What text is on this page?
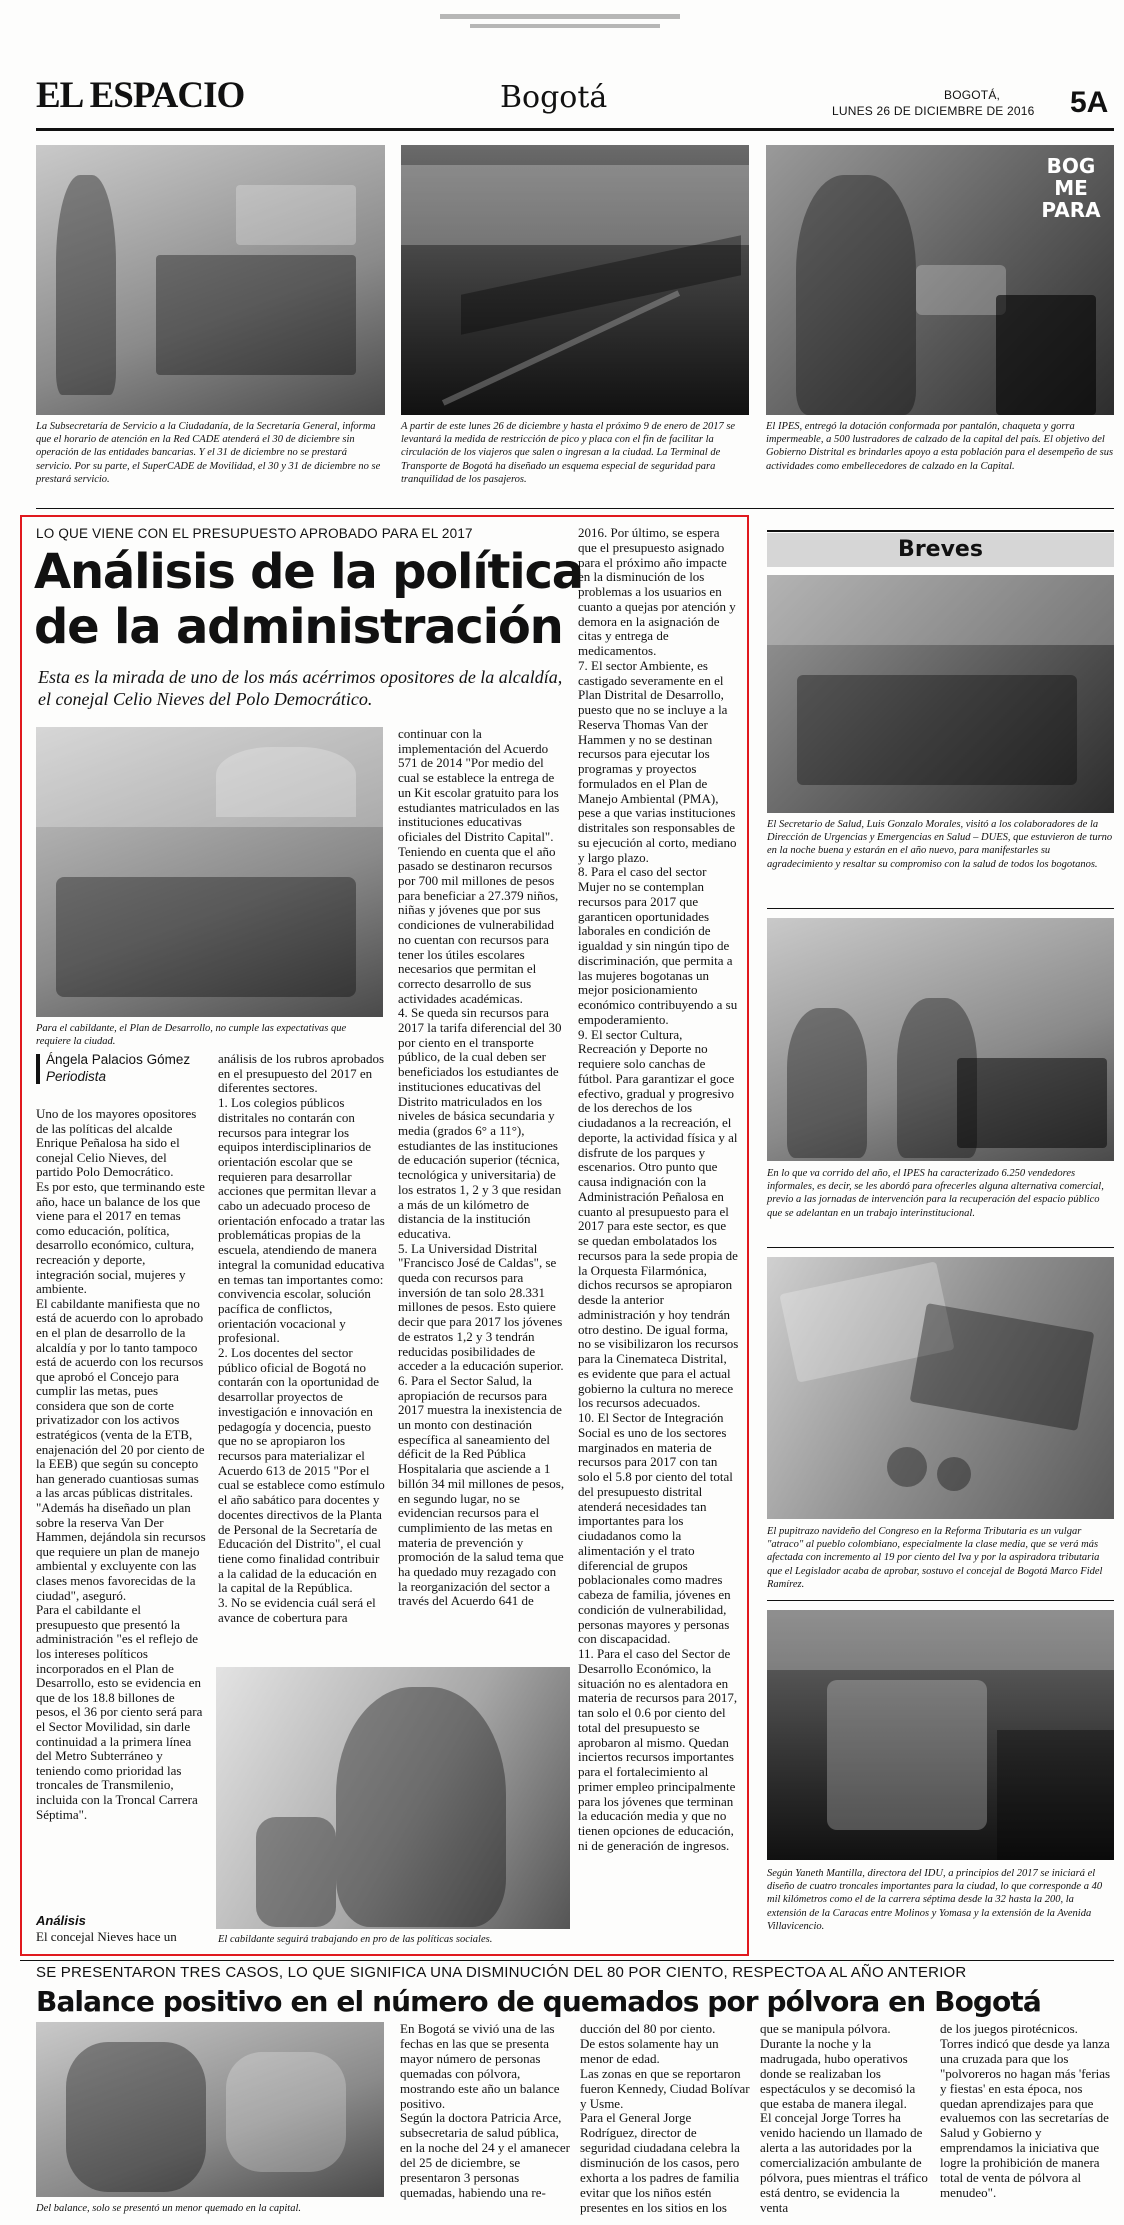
EL ESPACIO	Bogotá	BOGOTÁ,
LUNES 26 DE DICIEMBRE DE 2016 5A
La Subsecretaría de Servicio a la Ciudadanía, de la Secretaría General, informa que el horario de atención en la Red CADE atenderá el 30 de diciembre sin operación de las entidades bancarias. Y el 31 de diciembre no se prestará servicio. Por su parte, el SuperCADE de Movilidad, el 30 y 31 de diciembre no se prestará servicio.
A partir de este lunes 26 de diciembre y hasta el próximo 9 de enero de 2017 se levantará la medida de restricción de pico y placa con el fin de facilitar la circulación de los viajeros que salen o ingresan a la ciudad. La Terminal de Transporte de Bogotá ha diseñado un esquema especial de seguridad para tranquilidad de los pasajeros.
BOG ME PARA
El IPES, entregó la dotación conformada por pantalón, chaqueta y gorra impermeable, a 500 lustradores de calzado de la capital del país. El objetivo del Gobierno Distrital es brindarles apoyo a esta población para el desempeño de sus actividades como embellecedores de calzado en la Capital.
LO QUE VIENE CON EL PRESUPUESTO APROBADO PARA EL 2017
Análisis de la política
de la administración
Esta es la mirada de uno de los más acérrimos opositores de la alcaldía, el conejal Celio Nieves del Polo Democrático.
Para el cabildante, el Plan de Desarrollo, no cumple las expectativas que requiere la ciudad.
Ángela Palacios Gómez
Periodista
Uno de los mayores opositores de las políticas del alcalde Enrique Peñalosa ha sido el conejal Celio Nieves, del partido Polo Democrático.
Es por esto, que terminando este año, hace un balance de los que viene para el 2017 en temas como educación, política, desarrollo económico, cultura, recreación y deporte, integración social, mujeres y ambiente.
El cabildante manifiesta que no está de acuerdo con lo aprobado en el plan de desarrollo de la alcaldía y por lo tanto tampoco está de acuerdo con los recursos que aprobó el Concejo para cumplir las metas, pues considera que son de corte privatizador con los activos estratégicos (venta de la ETB, enajenación del 20 por ciento de la EEB) que según su concepto han generado cuantiosas sumas a las arcas públicas distritales. "Además ha diseñado un plan sobre la reserva Van Der Hammen, dejándola sin recursos que requiere un plan de manejo ambiental y excluyente con las clases menos favorecidas de la ciudad", aseguró.
Para el cabildante el presupuesto que presentó la administración "es el reflejo de los intereses políticos incorporados en el Plan de Desarrollo, esto se evidencia en que de los 18.8 billones de pesos, el 36 por ciento será para el Sector Movilidad, sin darle continuidad a la primera línea del Metro Subterráneo y teniendo como prioridad las troncales de Transmilenio, incluida con la Troncal Carrera Séptima".
Análisis
El concejal Nieves hace un
análisis de los rubros aprobados en el presupuesto del 2017 en diferentes sectores.
1. Los colegios públicos distritales no contarán con recursos para integrar los equipos interdisciplinarios de orientación escolar que se requieren para desarrollar acciones que permitan llevar a cabo un adecuado proceso de orientación enfocado a tratar las problemáticas propias de la escuela, atendiendo de manera integral la comunidad educativa en temas tan importantes como: convivencia escolar, solución pacífica de conflictos, orientación vocacional y profesional.
2. Los docentes del sector público oficial de Bogotá no contarán con la oportunidad de desarrollar proyectos de investigación e innovación en pedagogía y docencia, puesto que no se apropiaron los recursos para materializar el Acuerdo 613 de 2015 "Por el cual se establece como estímulo el año sabático para docentes y docentes directivos de la Planta de Personal de la Secretaría de Educación del Distrito", el cual tiene como finalidad contribuir a la calidad de la educación en la capital de la República.
3. No se evidencia cuál será el avance de cobertura para
continuar con la implementación del Acuerdo 571 de 2014 "Por medio del cual se establece la entrega de un Kit escolar gratuito para los estudiantes matriculados en las instituciones educativas oficiales del Distrito Capital". Teniendo en cuenta que el año pasado se destinaron recursos por 700 mil millones de pesos para beneficiar a 27.379 niños, niñas y jóvenes que por sus condiciones de vulnerabilidad no cuentan con recursos para tener los útiles escolares necesarios que permitan el correcto desarrollo de sus actividades académicas.
4. Se queda sin recursos para 2017 la tarifa diferencial del 30 por ciento en el transporte público, de la cual deben ser beneficiados los estudiantes de instituciones educativas del Distrito matriculados en los niveles de básica secundaria y media (grados 6° a 11°), estudiantes de las instituciones de educación superior (técnica, tecnológica y universitaria) de los estratos 1, 2 y 3 que residan a más de un kilómetro de distancia de la institución educativa.
5. La Universidad Distrital "Francisco José de Caldas", se queda con recursos para inversión de tan solo 28.331 millones de pesos. Esto quiere decir que para 2017 los jóvenes de estratos 1,2 y 3 tendrán reducidas posibilidades de acceder a la educación superior.
6. Para el Sector Salud, la apropiación de recursos para 2017 muestra la inexistencia de un monto con destinación específica al saneamiento del déficit de la Red Pública Hospitalaria que asciende a 1 billón 34 mil millones de pesos, en segundo lugar, no se evidencian recursos para el cumplimiento de las metas en materia de prevención y promoción de la salud tema que ha quedado muy rezagado con la reorganización del sector a través del Acuerdo 641 de
2016. Por último, se espera que el presupuesto asignado para el próximo año impacte en la disminución de los problemas a los usuarios en cuanto a quejas por atención y demora en la asignación de citas y entrega de medicamentos.
7. El sector Ambiente, es castigado severamente en el Plan Distrital de Desarrollo, puesto que no se incluye a la Reserva Thomas Van der Hammen y no se destinan recursos para ejecutar los programas y proyectos formulados en el Plan de Manejo Ambiental (PMA), pese a que varias instituciones distritales son responsables de su ejecución al corto, mediano y largo plazo.
8. Para el caso del sector Mujer no se contemplan recursos para 2017 que garanticen oportunidades laborales en condición de igualdad y sin ningún tipo de discriminación, que permita a las mujeres bogotanas un mejor posicionamiento económico contribuyendo a su empoderamiento.
9. El sector Cultura, Recreación y Deporte no requiere solo canchas de fútbol. Para garantizar el goce efectivo, gradual y progresivo de los derechos de los ciudadanos a la recreación, el deporte, la actividad física y al disfrute de los parques y escenarios. Otro punto que causa indignación con la Administración Peñalosa en cuanto al presupuesto para el 2017 para este sector, es que se quedan embolatados los recursos para la sede propia de la Orquesta Filarmónica, dichos recursos se apropiaron desde la anterior administración y hoy tendrán otro destino. De igual forma, no se visibilizaron los recursos para la Cinemateca Distrital, es evidente que para el actual gobierno la cultura no merece los recursos adecuados.
10. El Sector de Integración Social es uno de los sectores marginados en materia de recursos para 2017 con tan solo el 5.8 por ciento del total del presupuesto distrital atenderá necesidades tan importantes para los ciudadanos como la alimentación y el trato diferencial de grupos poblacionales como madres cabeza de familia, jóvenes en condición de vulnerabilidad, personas mayores y personas con discapacidad.
11. Para el caso del Sector de Desarrollo Económico, la situación no es alentadora en materia de recursos para 2017, tan solo el 0.6 por ciento del total del presupuesto se aprobaron al mismo. Quedan inciertos recursos importantes para el fortalecimiento al primer empleo principalmente para los jóvenes que terminan la educación media y que no tienen opciones de educación, ni de generación de ingresos.
El cabildante seguirá trabajando en pro de las políticas sociales.
Breves
El Secretario de Salud, Luis Gonzalo Morales, visitó a los colaboradores de la Dirección de Urgencias y Emergencias en Salud – DUES, que estuvieron de turno en la noche buena y estarán en el año nuevo, para manifestarles su agradecimiento y resaltar su compromiso con la salud de todos los bogotanos.
En lo que va corrido del año, el IPES ha caracterizado 6.250 vendedores informales, es decir, se les abordó para ofrecerles alguna alternativa comercial, previo a las jornadas de intervención para la recuperación del espacio público que se adelantan en un trabajo interinstitucional.
El pupitrazo navideño del Congreso en la Reforma Tributaria es un vulgar "atraco" al pueblo colombiano, especialmente la clase media, que se verá más afectada con incremento al 19 por ciento del Iva y por la aspiradora tributaria que el Legislador acaba de aprobar, sostuvo el concejal de Bogotá Marco Fidel Ramírez.
Según Yaneth Mantilla, directora del IDU, a principios del 2017 se iniciará el diseño de cuatro troncales importantes para la ciudad, lo que corresponde a 40 mil kilómetros como el de la carrera séptima desde la 32 hasta la 200, la extensión de la Caracas entre Molinos y Yomasa y la extensión de la Avenida Villavicencio.
SE PRESENTARON TRES CASOS, LO QUE SIGNIFICA UNA DISMINUCIÓN DEL 80 POR CIENTO, RESPECTOA AL AÑO ANTERIOR
Balance positivo en el número de quemados por pólvora en Bogotá
Del balance, solo se presentó un menor quemado en la capital.
En Bogotá se vivió una de las fechas en las que se presenta mayor número de personas quemadas con pólvora, mostrando este año un balance positivo.
Según la doctora Patricia Arce, subsecretaria de salud pública, en la noche del 24 y el amanecer del 25 de diciembre, se presentaron 3 personas quemadas, habiendo una re-
ducción del 80 por ciento.
De estos solamente hay un menor de edad.
Las zonas en que se reportaron fueron Kennedy, Ciudad Bolívar y Usme.
Para el General Jorge Rodríguez, director de seguridad ciudadana celebra la disminución de los casos, pero exhorta a los padres de familia evitar que los niños estén presentes en los sitios en los
que se manipula pólvora.
Durante la noche y la madrugada, hubo operativos donde se realizaban los espectáculos y se decomisó la que estaba de manera ilegal.
El concejal Jorge Torres ha venido haciendo un llamado de alerta a las autoridades por la comercialización ambulante de pólvora, pues mientras el tráfico está dentro, se evidencia la venta
de los juegos pirotécnicos.
Torres indicó que desde ya lanza una cruzada para que los "polvoreros no hagan más 'ferias y fiestas' en esta época, nos quedan aprendizajes para que evaluemos con las secretarías de Salud y Gobierno y emprendamos la iniciativa que logre la prohibición de manera total de venta de pólvora al menudeo".
